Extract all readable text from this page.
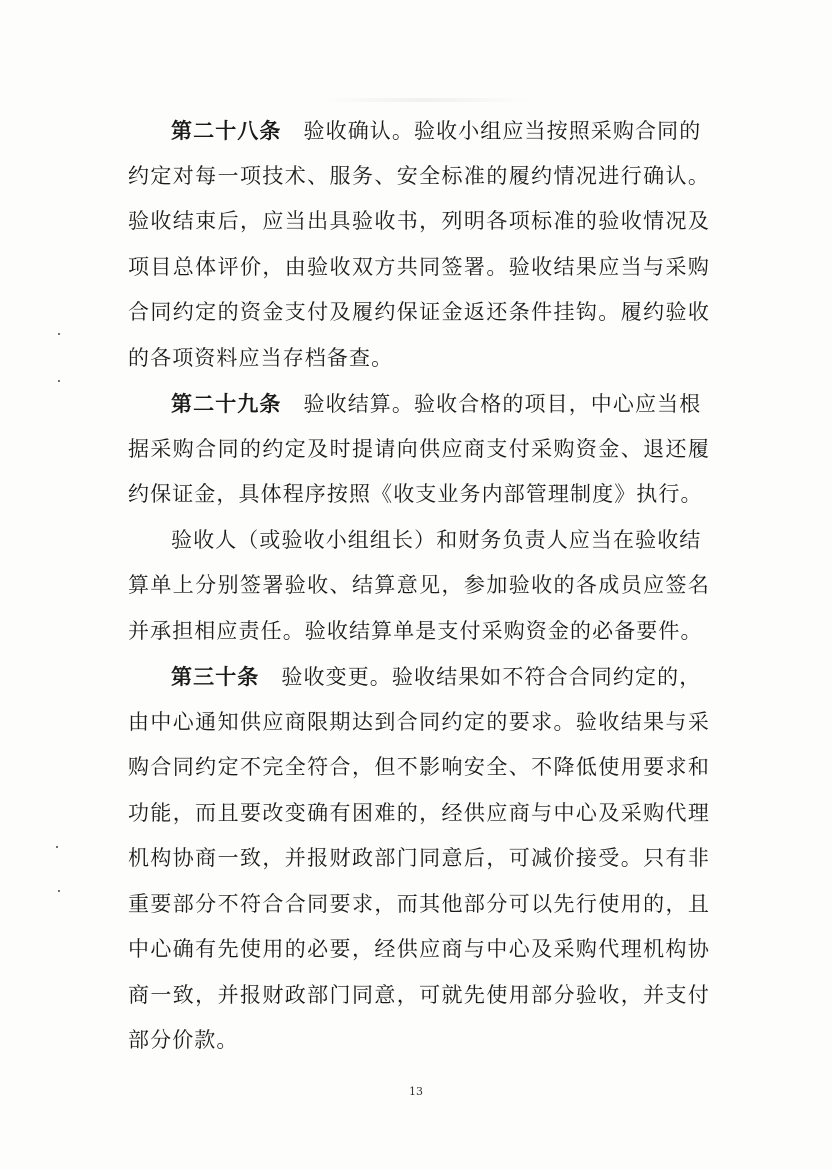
第二十八条 验收确认。验收小组应当按照采购合同的
约定对每一项技术、服务、安全标准的履约情况进行确认。
验收结束后，应当出具验收书，列明各项标准的验收情况及
项目总体评价，由验收双方共同签署。验收结果应当与采购
合同约定的资金支付及履约保证金返还条件挂钩。履约验收
的各项资料应当存档备查。
第二十九条 验收结算。验收合格的项目，中心应当根
据采购合同的约定及时提请向供应商支付采购资金、退还履
约保证金，具体程序按照《收支业务内部管理制度》执行。
验收人（或验收小组组长）和财务负责人应当在验收结
算单上分别签署验收、结算意见，参加验收的各成员应签名
并承担相应责任。验收结算单是支付采购资金的必备要件。
第三十条 验收变更。验收结果如不符合合同约定的，
由中心通知供应商限期达到合同约定的要求。验收结果与采
购合同约定不完全符合，但不影响安全、不降低使用要求和
功能，而且要改变确有困难的，经供应商与中心及采购代理
机构协商一致，并报财政部门同意后，可减价接受。只有非
重要部分不符合合同要求，而其他部分可以先行使用的，且
中心确有先使用的必要，经供应商与中心及采购代理机构协
商一致，并报财政部门同意，可就先使用部分验收，并支付
部分价款。
13
